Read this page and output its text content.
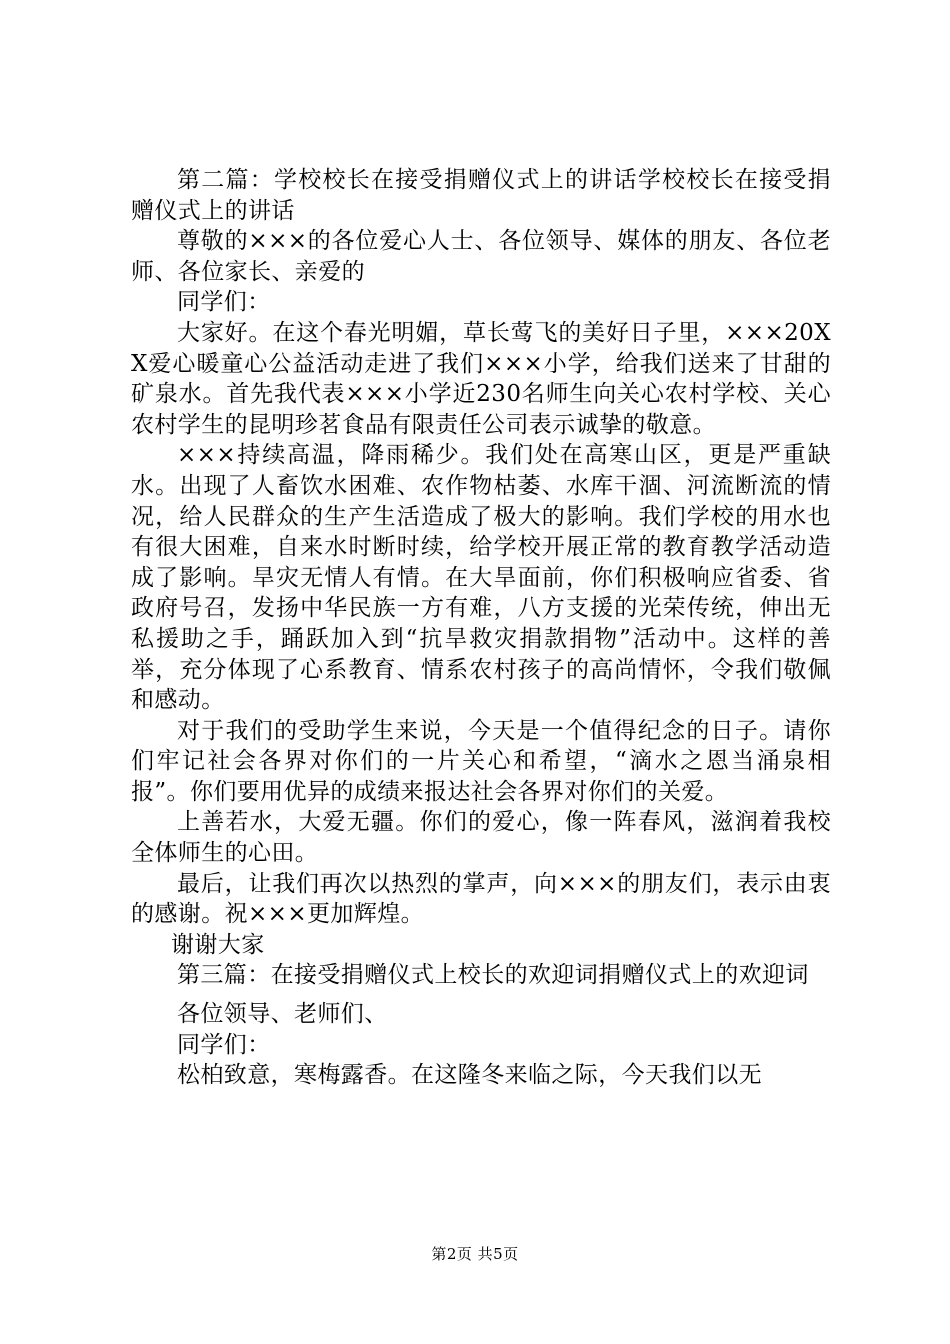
第二篇：学校校长在接受捐赠仪式上的讲话学校校长在接受捐赠仪式上的讲话

尊敬的×××的各位爱心人士、各位领导、媒体的朋友、各位老师、各位家长、亲爱的

同学们：

大家好。在这个春光明媚，草长莺飞的美好日子里，×××20XX爱心暖童心公益活动走进了我们×××小学，给我们送来了甘甜的矿泉水。首先我代表×××小学近230名师生向关心农村学校、关心农村学生的昆明珍茗食品有限责任公司表示诚挚的敬意。

×××持续高温，降雨稀少。我们处在高寒山区，更是严重缺水。出现了人畜饮水困难、农作物枯萎、水库干涸、河流断流的情况，给人民群众的生产生活造成了极大的影响。我们学校的用水也有很大困难，自来水时断时续，给学校开展正常的教育教学活动造成了影响。旱灾无情人有情。在大旱面前，你们积极响应省委、省政府号召，发扬中华民族一方有难，八方支援的光荣传统，伸出无私援助之手，踊跃加入到“抗旱救灾捐款捐物”活动中。这样的善举，充分体现了心系教育、情系农村孩子的高尚情怀，令我们敬佩和感动。

对于我们的受助学生来说，今天是一个值得纪念的日子。请你们牢记社会各界对你们的一片关心和希望，“滴水之恩当涌泉相报”。你们要用优异的成绩来报达社会各界对你们的关爱。

上善若水，大爱无疆。你们的爱心，像一阵春风，滋润着我校全体师生的心田。

最后，让我们再次以热烈的掌声，向×××的朋友们，表示由衷的感谢。祝×××更加辉煌。

谢谢大家

第三篇：在接受捐赠仪式上校长的欢迎词捐赠仪式上的欢迎词

各位领导、老师们、

同学们：

松柏致意，寒梅露香。在这隆冬来临之际，今天我们以无

第2页 共5页
